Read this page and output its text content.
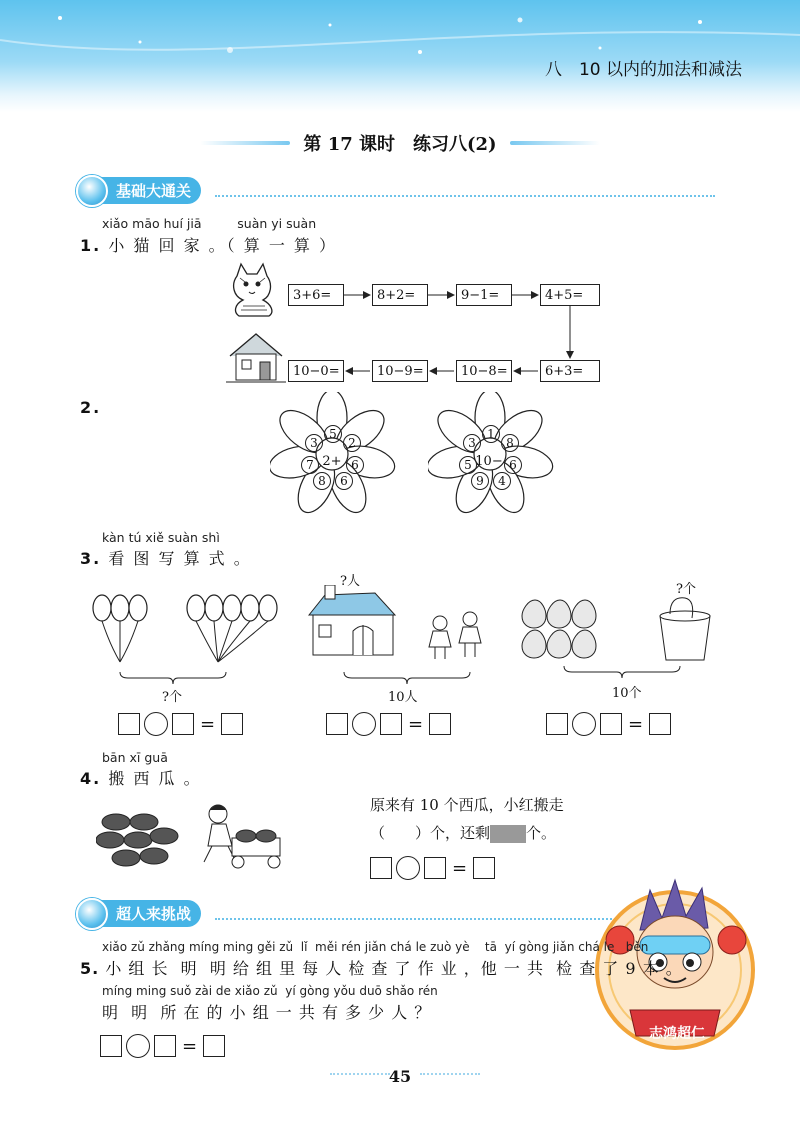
八　10 以内的加法和减法
第 17 课时　练习八(2)
基础大通关
xiǎo māo huí jiā         suàn yi suàn
1. 小 猫 回 家 。（ 算 一 算 ）
3+6=	8+2=	9−1=	4+5=
10−0=	10−9=	10−8=	6+3=
2.
2+
5
2
6
6
8
7
3
10−
1
8
6
4
9
5
3
kàn tú xiě suàn shì
3. 看 图 写 算 式 。
?个
?人
10人
?个
10个
=	=	=
bān xī guā
4. 搬 西 瓜 。
原来有 10 个西瓜，小红搬走
（　　）个，还剩 个。
=
超人来挑战
志鸿超仁
xiǎo zǔ zhǎng míng ming gěi zǔ  lǐ  měi rén jiǎn chá le zuò yè    tā  yí gòng jiǎn chá le   běn
5. 小 组 长  明  明 给 组 里 每 人 检 查 了 作 业 ，他 一 共  检 查 了 9 本 。
míng ming suǒ zài de xiǎo zǔ  yí gòng yǒu duō shǎo rén
明  明  所 在 的 小 组 一 共 有 多 少 人 ？
=
45
